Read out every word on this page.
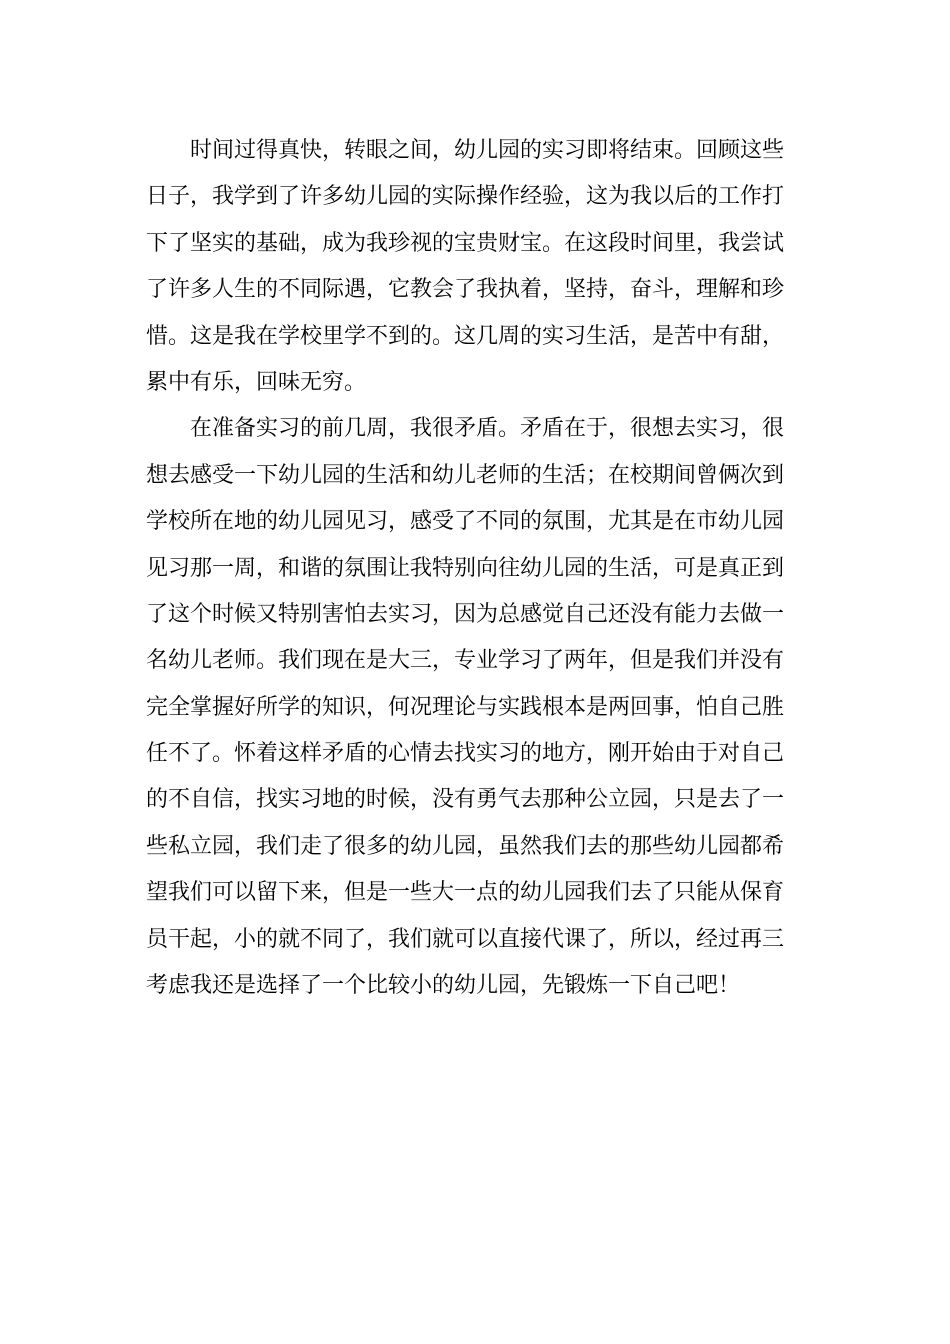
时间过得真快，转眼之间，幼儿园的实习即将结束。回顾这些
日子，我学到了许多幼儿园的实际操作经验，这为我以后的工作打
下了坚实的基础，成为我珍视的宝贵财宝。在这段时间里，我尝试
了许多人生的不同际遇，它教会了我执着，坚持，奋斗，理解和珍
惜。这是我在学校里学不到的。这几周的实习生活，是苦中有甜，
累中有乐，回味无穷。
在准备实习的前几周，我很矛盾。矛盾在于，很想去实习，很
想去感受一下幼儿园的生活和幼儿老师的生活；在校期间曾俩次到
学校所在地的幼儿园见习，感受了不同的氛围，尤其是在市幼儿园
见习那一周，和谐的氛围让我特别向往幼儿园的生活，可是真正到
了这个时候又特别害怕去实习，因为总感觉自己还没有能力去做一
名幼儿老师。我们现在是大三，专业学习了两年，但是我们并没有
完全掌握好所学的知识，何况理论与实践根本是两回事，怕自己胜
任不了。怀着这样矛盾的心情去找实习的地方，刚开始由于对自己
的不自信，找实习地的时候，没有勇气去那种公立园，只是去了一
些私立园，我们走了很多的幼儿园，虽然我们去的那些幼儿园都希
望我们可以留下来，但是一些大一点的幼儿园我们去了只能从保育
员干起，小的就不同了，我们就可以直接代课了，所以，经过再三
考虑我还是选择了一个比较小的幼儿园，先锻炼一下自己吧！
